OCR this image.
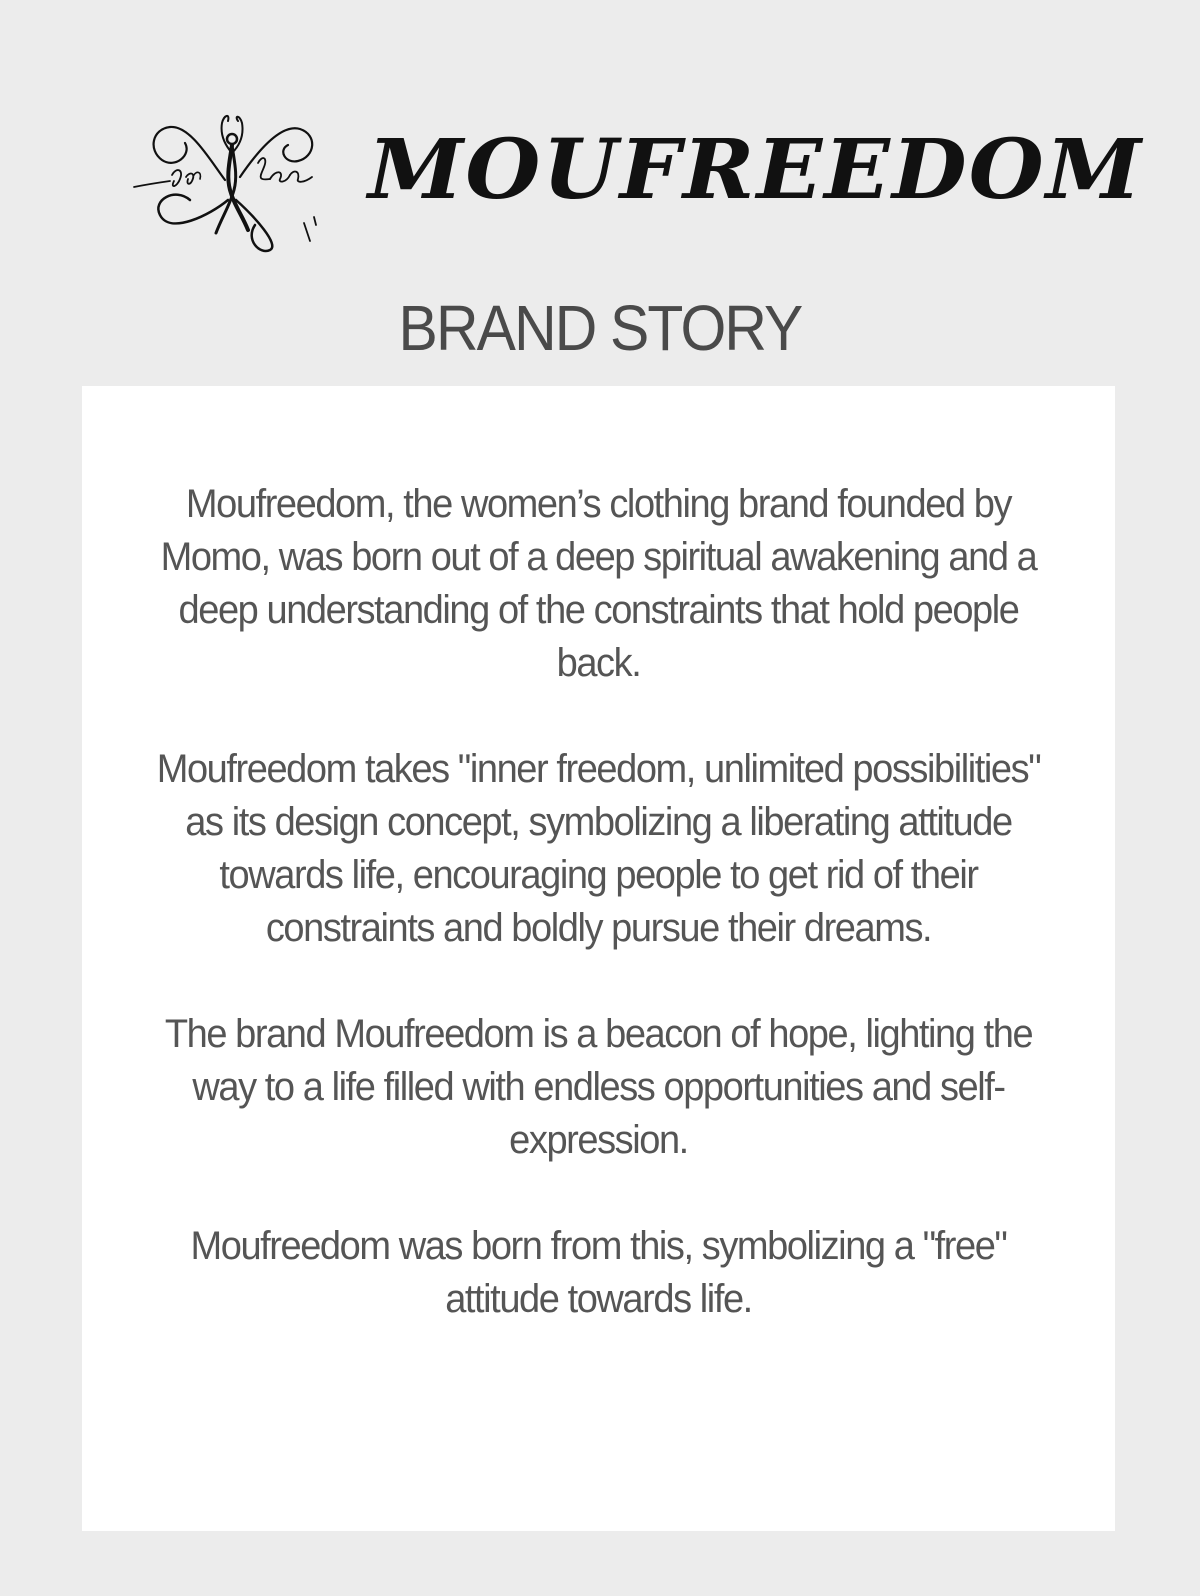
MOUFREEDOM
BRAND STORY

Moufreedom, the women’s clothing brand founded by Momo, was born out of a deep spiritual awakening and a deep understanding of the constraints that hold people back.

Moufreedom takes "inner freedom, unlimited possibilities" as its design concept, symbolizing a liberating attitude towards life, encouraging people to get rid of their constraints and boldly pursue their dreams.

The brand Moufreedom is a beacon of hope, lighting the way to a life filled with endless opportunities and self-expression.

Moufreedom was born from this, symbolizing a "free" attitude towards life.
